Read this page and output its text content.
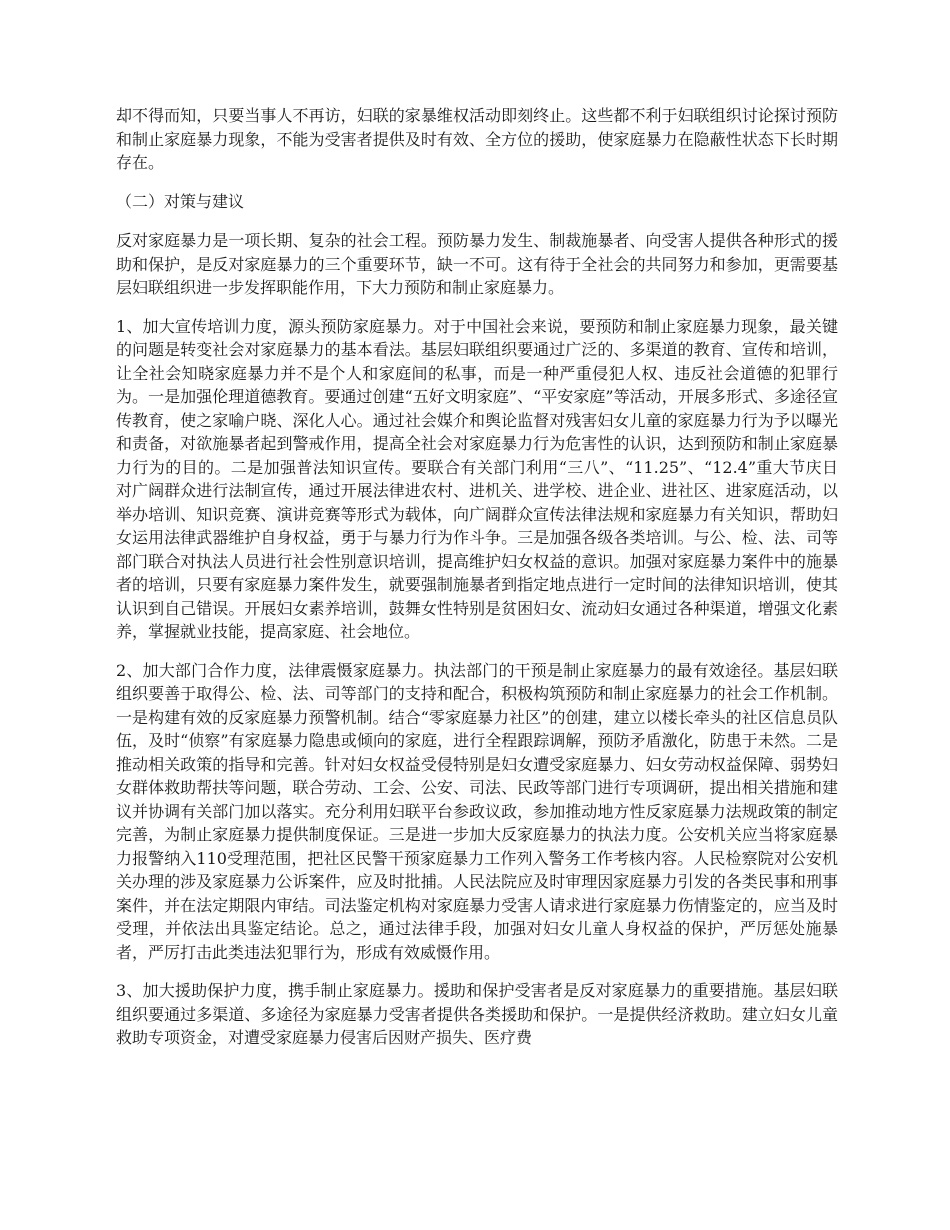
却不得而知，只要当事人不再访，妇联的家暴维权活动即刻终止。这些都不利于妇联组织讨论探讨预防和制止家庭暴力现象，不能为受害者提供及时有效、全方位的援助，使家庭暴力在隐蔽性状态下长时期存在。

（二）对策与建议

反对家庭暴力是一项长期、复杂的社会工程。预防暴力发生、制裁施暴者、向受害人提供各种形式的援助和保护，是反对家庭暴力的三个重要环节，缺一不可。这有待于全社会的共同努力和参加，更需要基层妇联组织进一步发挥职能作用，下大力预防和制止家庭暴力。

1、加大宣传培训力度，源头预防家庭暴力。对于中国社会来说，要预防和制止家庭暴力现象，最关键的问题是转变社会对家庭暴力的基本看法。基层妇联组织要通过广泛的、多渠道的教育、宣传和培训，让全社会知晓家庭暴力并不是个人和家庭间的私事，而是一种严重侵犯人权、违反社会道德的犯罪行为。一是加强伦理道德教育。要通过创建“五好文明家庭”、“平安家庭”等活动，开展多形式、多途径宣传教育，使之家喻户晓、深化人心。通过社会媒介和舆论监督对残害妇女儿童的家庭暴力行为予以曝光和责备，对欲施暴者起到警戒作用，提高全社会对家庭暴力行为危害性的认识，达到预防和制止家庭暴力行为的目的。二是加强普法知识宣传。要联合有关部门利用“三八”、“11.25”、“12.4”重大节庆日对广阔群众进行法制宣传，通过开展法律进农村、进机关、进学校、进企业、进社区、进家庭活动，以举办培训、知识竞赛、演讲竞赛等形式为载体，向广阔群众宣传法律法规和家庭暴力有关知识，帮助妇女运用法律武器维护自身权益，勇于与暴力行为作斗争。三是加强各级各类培训。与公、检、法、司等部门联合对执法人员进行社会性别意识培训，提高维护妇女权益的意识。加强对家庭暴力案件中的施暴者的培训，只要有家庭暴力案件发生，就要强制施暴者到指定地点进行一定时间的法律知识培训，使其认识到自己错误。开展妇女素养培训，鼓舞女性特别是贫困妇女、流动妇女通过各种渠道，增强文化素养，掌握就业技能，提高家庭、社会地位。

2、加大部门合作力度，法律震慑家庭暴力。执法部门的干预是制止家庭暴力的最有效途径。基层妇联组织要善于取得公、检、法、司等部门的支持和配合，积极构筑预防和制止家庭暴力的社会工作机制。一是构建有效的反家庭暴力预警机制。结合“零家庭暴力社区”的创建，建立以楼长牵头的社区信息员队伍，及时“侦察”有家庭暴力隐患或倾向的家庭，进行全程跟踪调解，预防矛盾激化，防患于未然。二是推动相关政策的指导和完善。针对妇女权益受侵特别是妇女遭受家庭暴力、妇女劳动权益保障、弱势妇女群体救助帮扶等问题，联合劳动、工会、公安、司法、民政等部门进行专项调研，提出相关措施和建议并协调有关部门加以落实。充分利用妇联平台参政议政，参加推动地方性反家庭暴力法规政策的制定完善，为制止家庭暴力提供制度保证。三是进一步加大反家庭暴力的执法力度。公安机关应当将家庭暴力报警纳入110受理范围，把社区民警干预家庭暴力工作列入警务工作考核内容。人民检察院对公安机关办理的涉及家庭暴力公诉案件，应及时批捕。人民法院应及时审理因家庭暴力引发的各类民事和刑事案件，并在法定期限内审结。司法鉴定机构对家庭暴力受害人请求进行家庭暴力伤情鉴定的，应当及时受理，并依法出具鉴定结论。总之，通过法律手段，加强对妇女儿童人身权益的保护，严厉惩处施暴者，严厉打击此类违法犯罪行为，形成有效威慑作用。

3、加大援助保护力度，携手制止家庭暴力。援助和保护受害者是反对家庭暴力的重要措施。基层妇联组织要通过多渠道、多途径为家庭暴力受害者提供各类援助和保护。一是提供经济救助。建立妇女儿童救助专项资金，对遭受家庭暴力侵害后因财产损失、医疗费
